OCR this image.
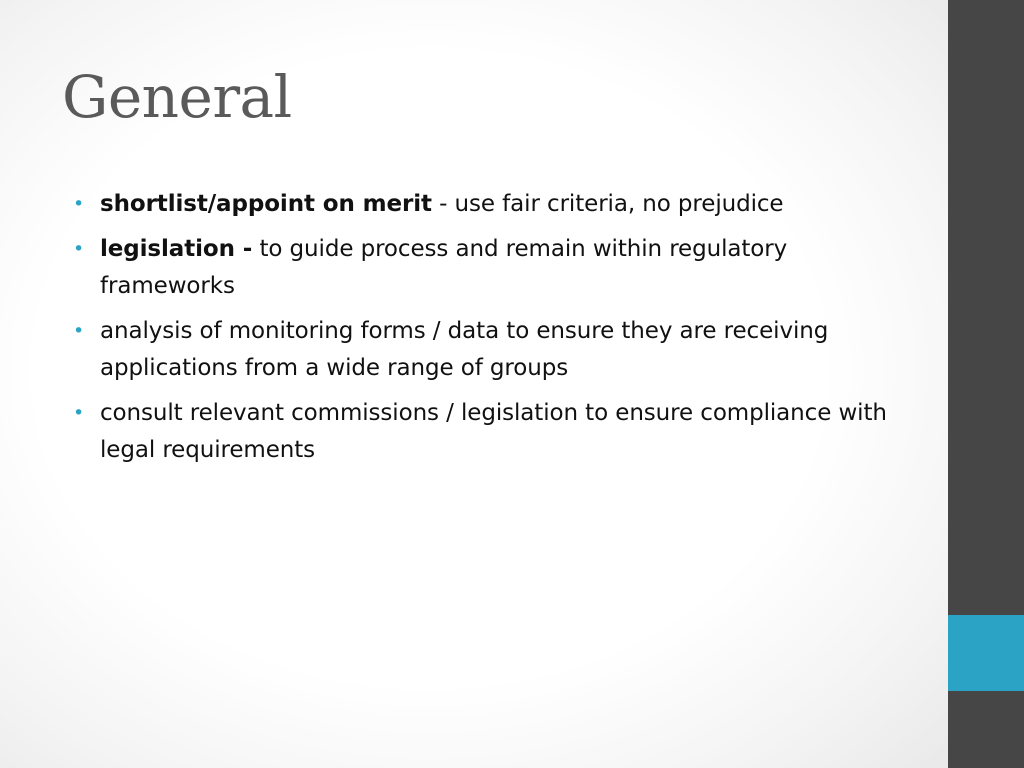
General
• shortlist/appoint on merit - use fair criteria, no prejudice
• legislation - to guide process and remain within regulatory frameworks
• analysis of monitoring forms / data to ensure they are receiving applications from a wide range of groups
• consult relevant commissions / legislation to ensure compliance with legal requirements
